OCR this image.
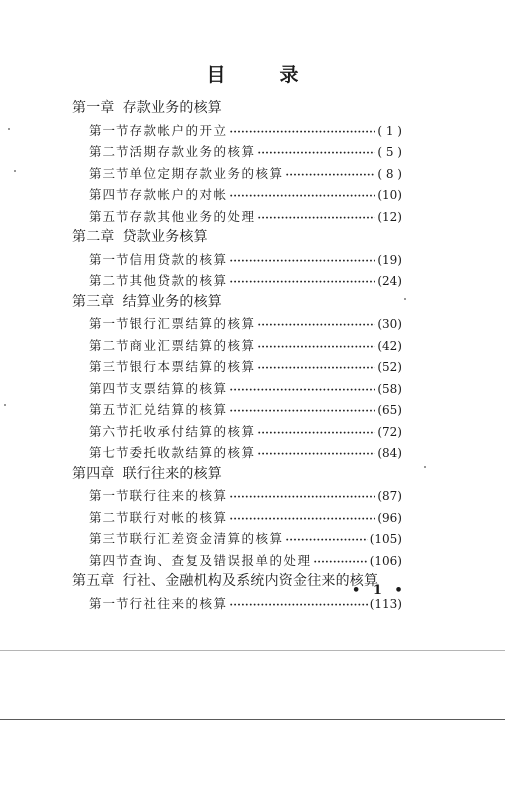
目	录
第一章 存款业务的核算
第一节 存款帐户的开立 ·····	( 1 )
第二节 活期存款业务的核算 ·····	( 5 )
第三节 单位定期存款业务的核算 ·····	( 8 )
第四节 存款帐户的对帐 ·····	(10)
第五节 存款其他业务的处理 ·····	(12)
第二章 贷款业务核算
第一节 信用贷款的核算 ·····	(19)
第二节 其他贷款的核算 ·····	(24)
第三章 结算业务的核算
第一节 银行汇票结算的核算 ·····	(30)
第二节 商业汇票结算的核算 ·····	(42)
第三节 银行本票结算的核算 ·····	(52)
第四节 支票结算的核算 ·····	(58)
第五节 汇兑结算的核算 ·····	(65)
第六节 托收承付结算的核算 ·····	(72)
第七节 委托收款结算的核算 ·····	(84)
第四章 联行往来的核算
第一节 联行往来的核算 ·····	(87)
第二节 联行对帐的核算 ·····	(96)
第三节 联行汇差资金清算的核算 ·····	(105)
第四节 查询、查复及错误报单的处理 ·····	(106)
第五章 行社、金融机构及系统内资金往来的核算
第一节 行社往来的核算 ·····	(113)
• 1 •
